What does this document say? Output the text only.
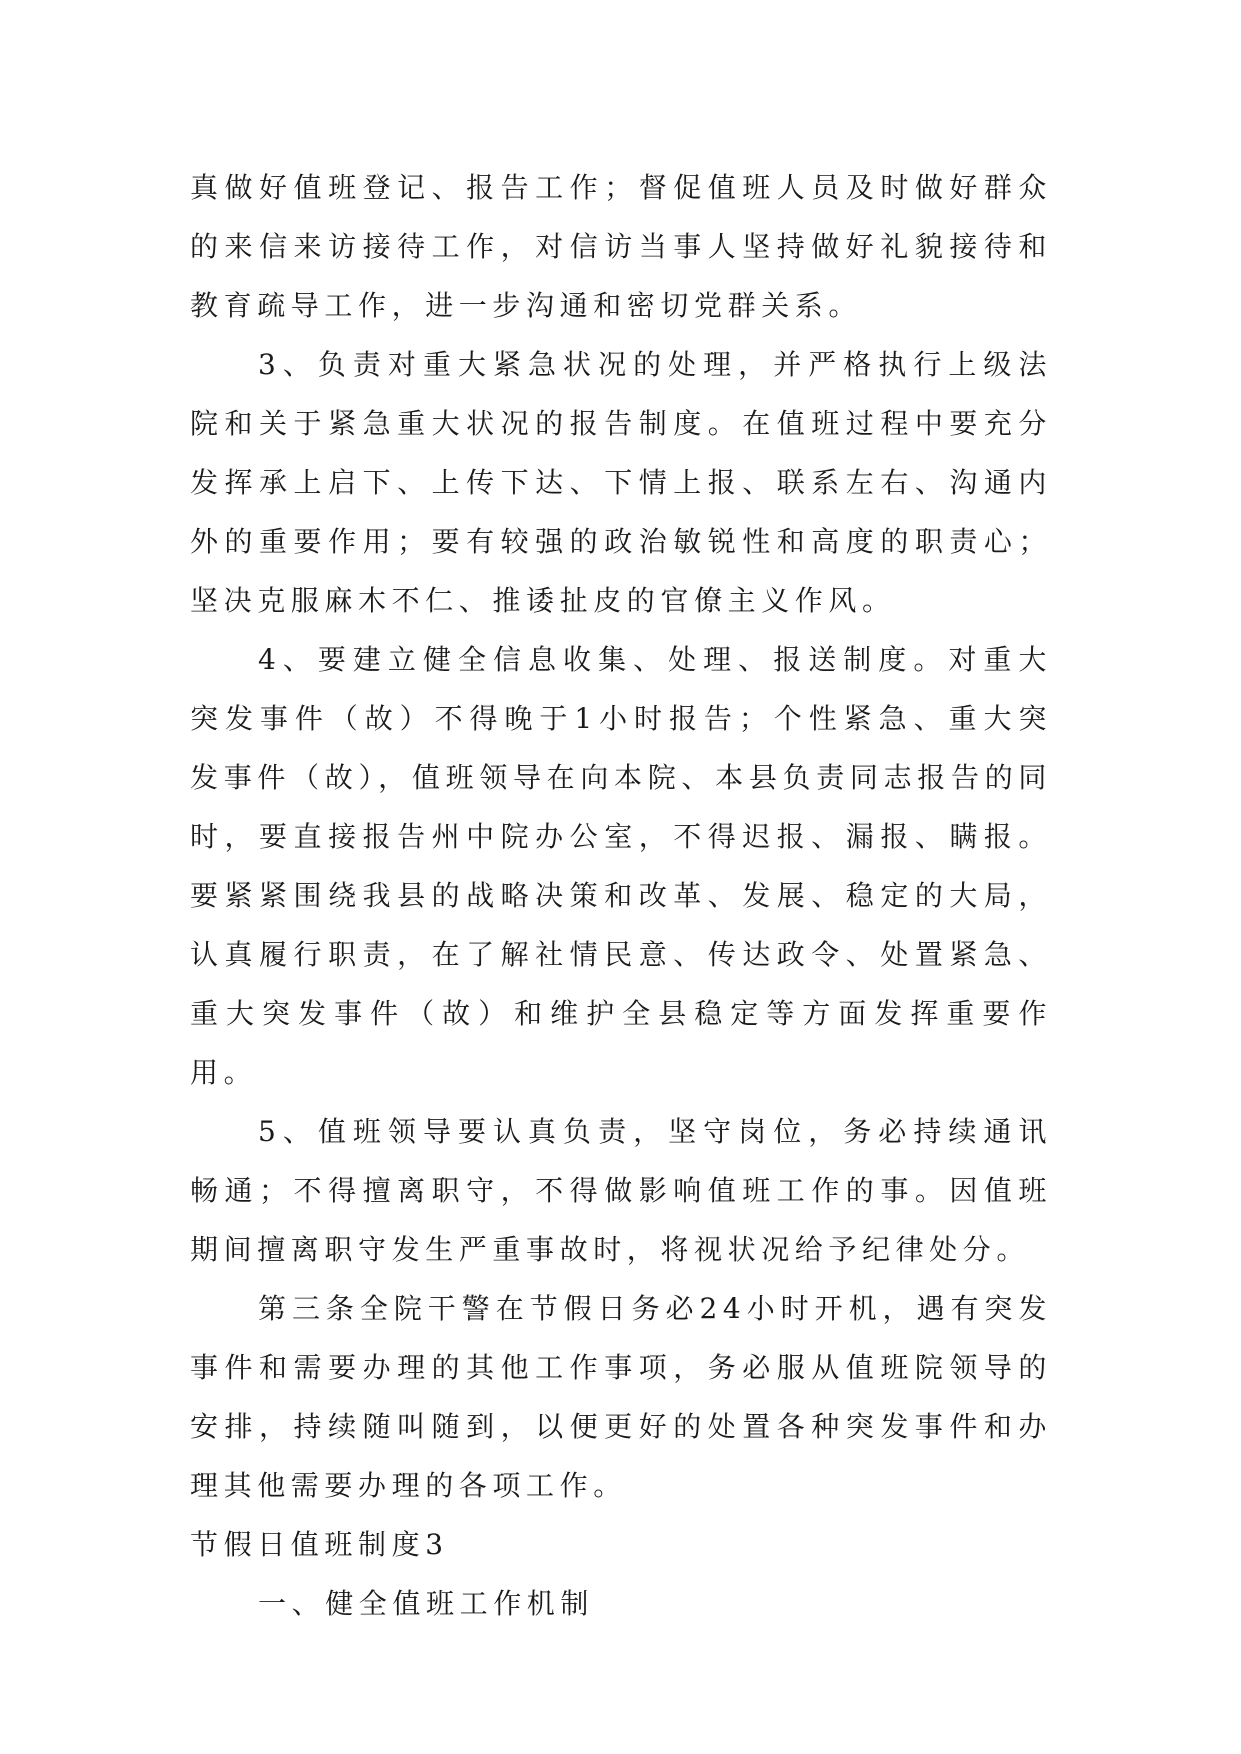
真做好值班登记、报告工作；督促值班人员及时做好群众的来信来访接待工作，对信访当事人坚持做好礼貌接待和教育疏导工作，进一步沟通和密切党群关系。

3、负责对重大紧急状况的处理，并严格执行上级法院和关于紧急重大状况的报告制度。在值班过程中要充分发挥承上启下、上传下达、下情上报、联系左右、沟通内外的重要作用；要有较强的政治敏锐性和高度的职责心；坚决克服麻木不仁、推诿扯皮的官僚主义作风。

4、要建立健全信息收集、处理、报送制度。对重大突发事件（故）不得晚于1小时报告；个性紧急、重大突发事件（故），值班领导在向本院、本县负责同志报告的同时，要直接报告州中院办公室，不得迟报、漏报、瞒报。要紧紧围绕我县的战略决策和改革、发展、稳定的大局，认真履行职责，在了解社情民意、传达政令、处置紧急、重大突发事件（故）和维护全县稳定等方面发挥重要作用。

5、值班领导要认真负责，坚守岗位，务必持续通讯畅通；不得擅离职守，不得做影响值班工作的事。因值班期间擅离职守发生严重事故时，将视状况给予纪律处分。

第三条全院干警在节假日务必24小时开机，遇有突发事件和需要办理的其他工作事项，务必服从值班院领导的安排，持续随叫随到，以便更好的处置各种突发事件和办理其他需要办理的各项工作。

节假日值班制度3

一、健全值班工作机制
